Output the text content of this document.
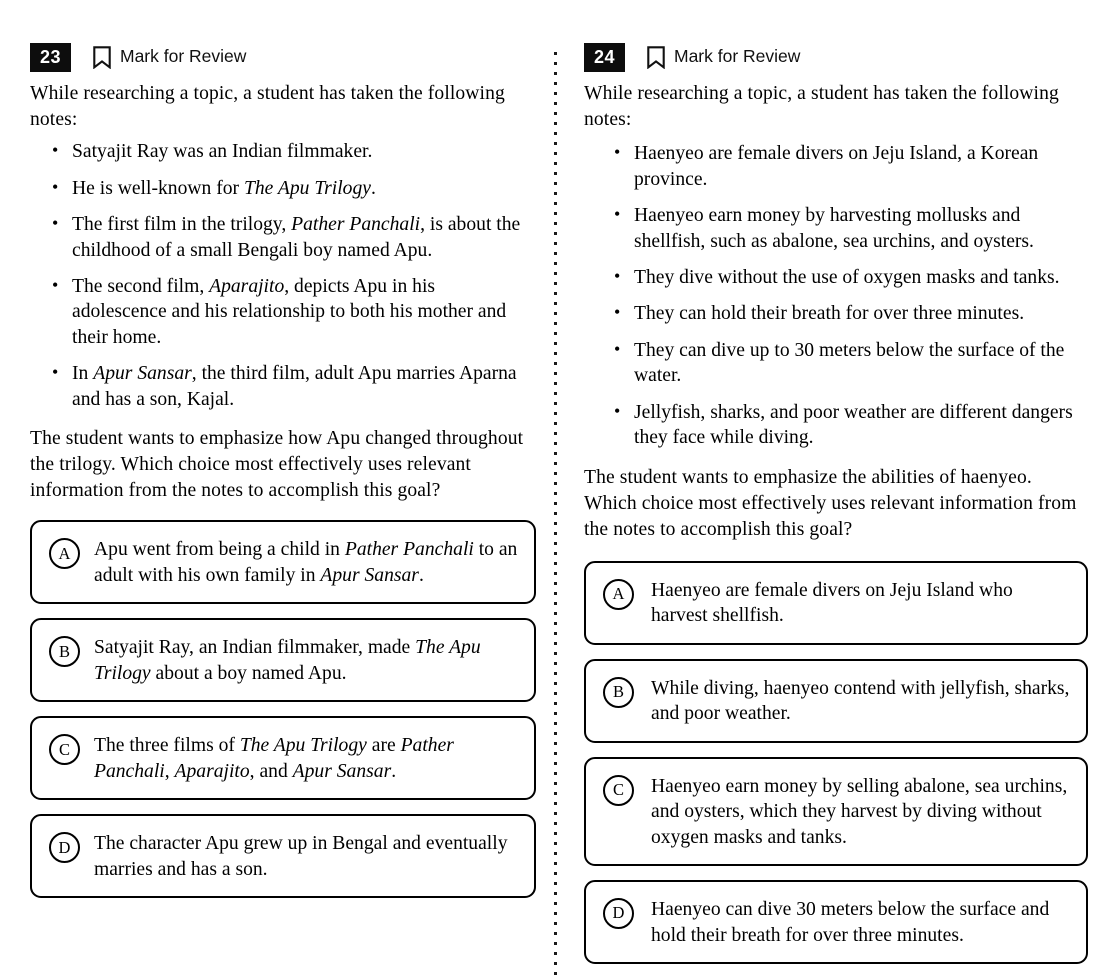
23	Mark for Review

While researching a topic, a student has taken the following notes:

• Satyajit Ray was an Indian filmmaker.
• He is well-known for The Apu Trilogy.
• The first film in the trilogy, Pather Panchali, is about the childhood of a small Bengali boy named Apu.
• The second film, Aparajito, depicts Apu in his adolescence and his relationship to both his mother and their home.
• In Apur Sansar, the third film, adult Apu marries Aparna and has a son, Kajal.

The student wants to emphasize how Apu changed throughout the trilogy. Which choice most effectively uses relevant information from the notes to accomplish this goal?

A	Apu went from being a child in Pather Panchali to an adult with his own family in Apur Sansar.
B	Satyajit Ray, an Indian filmmaker, made The Apu Trilogy about a boy named Apu.
C	The three films of The Apu Trilogy are Pather Panchali, Aparajito, and Apur Sansar.
D	The character Apu grew up in Bengal and eventually marries and has a son.
24	Mark for Review

While researching a topic, a student has taken the following notes:

• Haenyeo are female divers on Jeju Island, a Korean province.
• Haenyeo earn money by harvesting mollusks and shellfish, such as abalone, sea urchins, and oysters.
• They dive without the use of oxygen masks and tanks.
• They can hold their breath for over three minutes.
• They can dive up to 30 meters below the surface of the water.
• Jellyfish, sharks, and poor weather are different dangers they face while diving.

The student wants to emphasize the abilities of haenyeo. Which choice most effectively uses relevant information from the notes to accomplish this goal?

A	Haenyeo are female divers on Jeju Island who harvest shellfish.
B	While diving, haenyeo contend with jellyfish, sharks, and poor weather.
C	Haenyeo earn money by selling abalone, sea urchins, and oysters, which they harvest by diving without oxygen masks and tanks.
D	Haenyeo can dive 30 meters below the surface and hold their breath for over three minutes.
